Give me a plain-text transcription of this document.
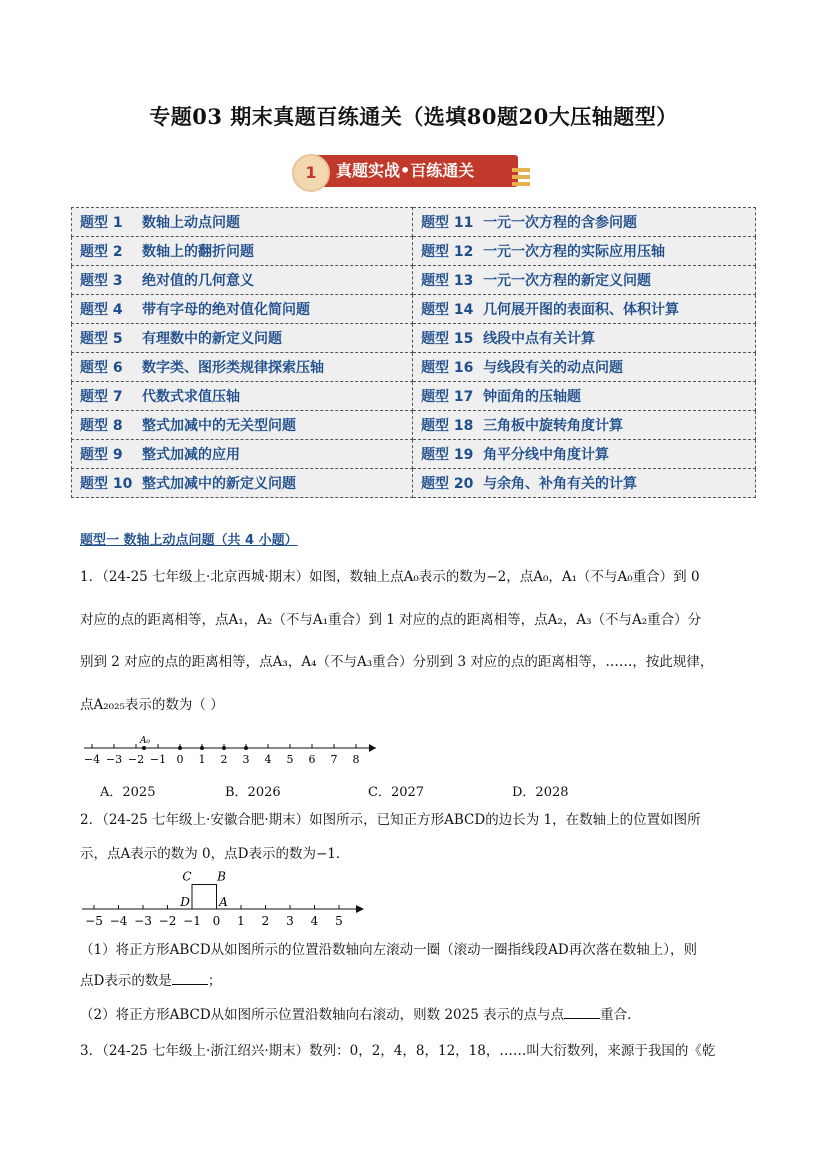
专题03 期末真题百练通关（选填80题20大压轴题型）
1	真题实战•百练通关
题型 1 数轴上动点问题	题型 11 一元一次方程的含参问题
题型 2 数轴上的翻折问题	题型 12 一元一次方程的实际应用压轴
题型 3 绝对值的几何意义	题型 13 一元一次方程的新定义问题
题型 4 带有字母的绝对值化简问题	题型 14 几何展开图的表面积、体积计算
题型 5 有理数中的新定义问题	题型 15 线段中点有关计算
题型 6 数字类、图形类规律探索压轴	题型 16 与线段有关的动点问题
题型 7 代数式求值压轴	题型 17 钟面角的压轴题
题型 8 整式加减中的无关型问题	题型 18 三角板中旋转角度计算
题型 9 整式加减的应用	题型 19 角平分线中角度计算
题型 10 整式加减中的新定义问题	题型 20 与余角、补角有关的计算
题型一 数轴上动点问题（共 4 小题）
1．（24-25 七年级上·北京西城·期末）如图，数轴上点A₀表示的数为−2，点A₀，A₁（不与A₀重合）到 0
对应的点的距离相等，点A₁，A₂（不与A₁重合）到 1 对应的点的距离相等，点A₂，A₃（不与A₂重合）分
别到 2 对应的点的距离相等，点A₃，A₄（不与A₃重合）分别到 3 对应的点的距离相等，……，按此规律，
点A₂₀₂₅表示的数为（ ）
−4 −3 −2 −1 0 1 2 3 4 5 6 7 8
A₀
A．2025	B．2026	C．2027	D．2028
2．（24-25 七年级上·安徽合肥·期末）如图所示，已知正方形ABCD的边长为 1，在数轴上的位置如图所
示，点A表示的数为 0，点D表示的数为−1．
−5 −4 −3 −2 −1 0 1 2 3 4 5
C B
D A
（1）将正方形ABCD从如图所示的位置沿数轴向左滚动一圈（滚动一圈指线段AD再次落在数轴上），则
点D表示的数是	；
（2）将正方形ABCD从如图所示位置沿数轴向右滚动，则数 2025 表示的点与点	重合．
3．（24-25 七年级上·浙江绍兴·期末）数列：0，2，4，8，12，18，……叫大衍数列，来源于我国的《乾
